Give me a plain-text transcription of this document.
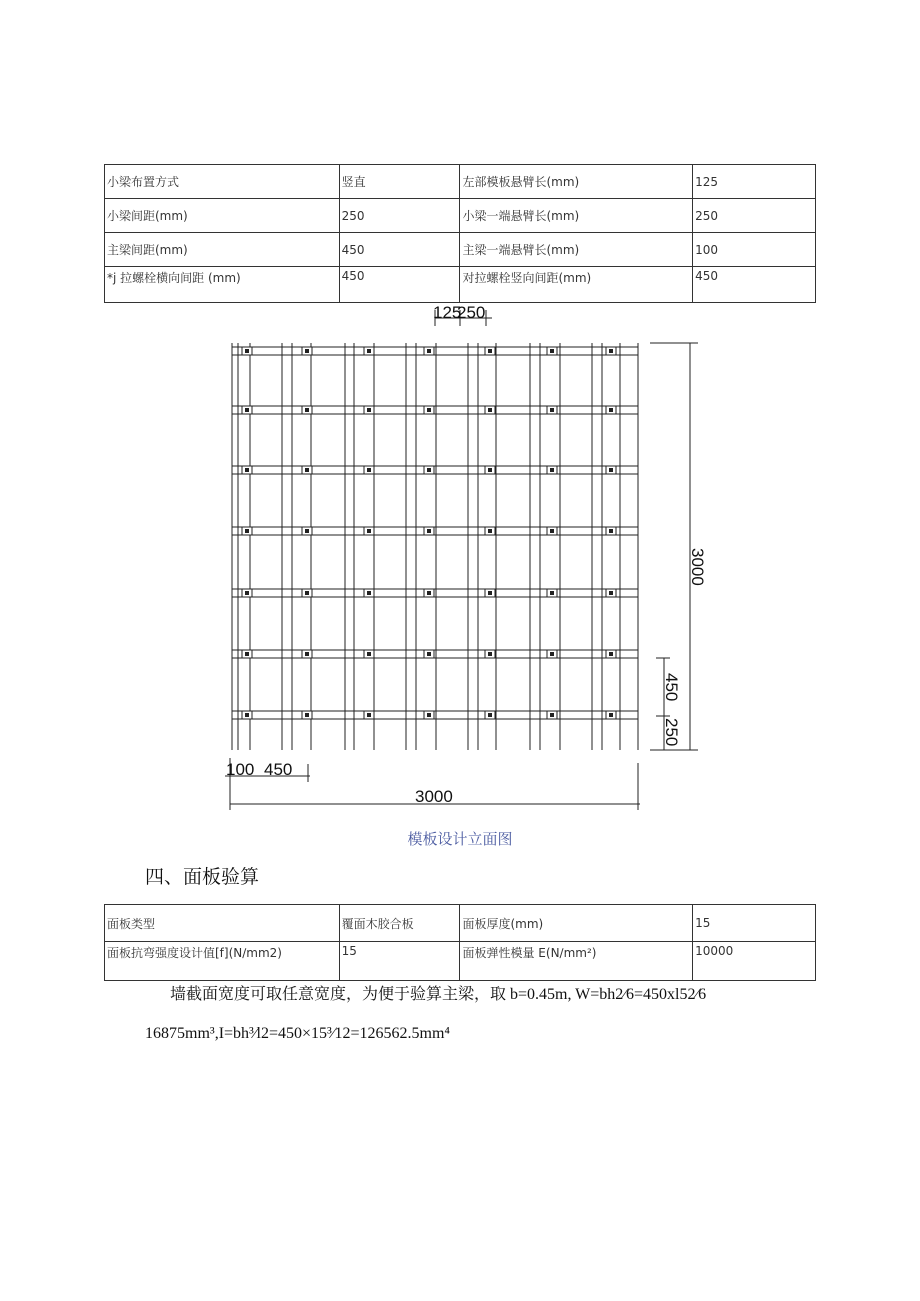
小梁布置方式	竖直	左部模板悬臂长(mm)	125
小梁间距(mm)	250	小梁一端悬臂长(mm)	250
主梁间距(mm)	450	主梁一端悬臂长(mm)	100
*j 拉螺栓横向间距 (mm)	450	对拉螺栓竖向间距(mm)	450
125
250
3000
450
250
100 450
3000
模板设计立面图
四、面板验算
面板类型	覆面木胶合板	面板厚度(mm)	15
面板抗弯强度设计值[f](N∕mm2)	15	面板弹性模量 E(N∕mm²)	10000
墙截面宽度可取任意宽度，为便于验算主梁，取 b=0.45m, W=bh2⁄6=450xl52⁄6
16875mm³,I=bh³⁄l2=450×15³⁄12=126562.5mm⁴
